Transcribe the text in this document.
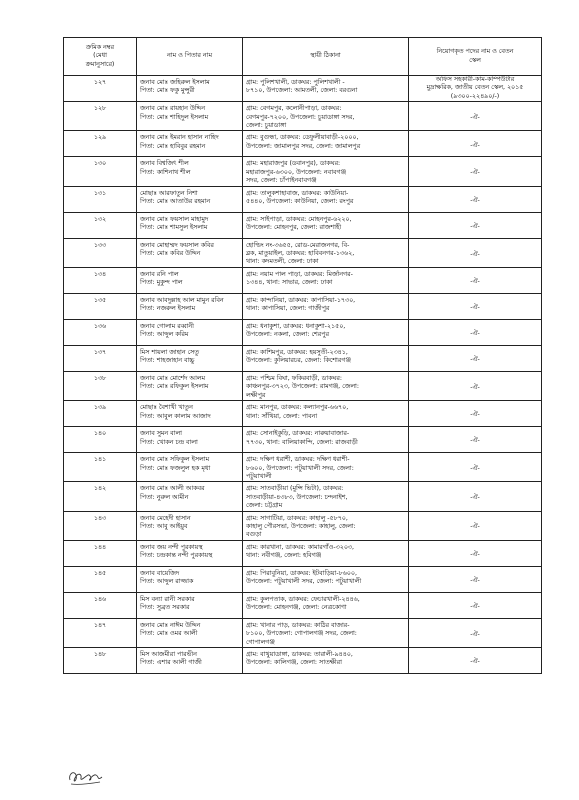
ক্রমিক নম্বর
(মেধা
ক্রমানুসারে)	নাম ও পিতার নাম	স্থায়ী ঠিকানা	নিয়োগকৃত পদের নাম ও বেতন
স্কেল

১২৭	জনাব মোঃ জহিরুল ইসলাম
পিতা: মোঃ ফকু মুন্সুরী	গ্রাম: পুলিশখালী, ডাকঘর: পুলিশখালী -
৮৭১০, উপজেলা: আমতলী, জেলা: বরগুনা	অফিস সহকারী-কাম-কম্পিউটার
মুদ্রাক্ষরিক, জাতীয় বেতন স্কেল, ২০১৫
(৯৩০০-২২৪৯০/-)

১২৮	জনাব মোঃ রায়হান উদ্দিন
পিতা: মোঃ শাহিদুল ইসলাম	গ্রাম: বেগমপুর, কলোনীপাড়া, ডাকঘর:
বেগমপুর-৭২০০, উপজেলা: চুয়াডাঙ্গা সদর,
জেলা: চুয়াডাঙ্গা	-ঐ-

১২৯	জনাব মোঃ ইমরান হাসান নাহিদ
পিতা: মোঃ হাবিবুর রহমান	গ্রাম: বুগুন্ধা, ডাকঘর: ডেফুলীয়াবাড়ী-২০০০,
উপজেলা: জামালপুর সদর, জেলা: জামালপুর	-ঐ-

১৩০	জনাব বিশ্বজিৎ শীল
পিতা: কাশিনাথ শীল	গ্রাম: মহারাজপুর (ডবানপুর), ডাকঘর:
মহারাজপুর-৬৩০০, উপজেলা: নবাবগঞ্জ
সদর, জেলা: চাঁপাইনবাবগঞ্জ	-ঐ-

১৩১	মোছাঃ আরফাতুন নিশা
পিতা: মোঃ আতাউর রহমান	গ্রাম: তালুকশাহাবাজ, ডাকঘর: কাউনিয়া-
৫৪৪০, উপজেলা: কাউনিয়া, জেলা: রংপুর	-ঐ-

১৩২	জনাব মোঃ ফয়সাল মাহামুদ
পিতা: মোঃ শামসুল ইসলাম	গ্রাম: সাইপাড়া, ডাকঘর: মোহনপুর-৬২২০,
উপজেলা: মোহনপুর, জেলা: রাজশাহী	-ঐ-

১৩৩	জনাব মোহাম্মদ ফয়সাল কবির
পিতা: মোঃ কবির উদ্দিন	হোল্ডিং নং-৩৬৫৫, রোড-মেরাজনগর, বি-
ব্লক, মাতুয়াইল, ডাকঘর: হাবিবনগর-১৩৬২,
থানা: কদমতলী, জেলা: ঢাকা	-ঐ-

১৩৪	জনাব রনি পাল
পিতা: মুকুন্দ পাল	গ্রাম: নয়াম পাল পাড়া, ডাকঘর: মির্জানগর-
১৩৪৪, থানা: সাভার, জেলা: ঢাকা	-ঐ-

১৩৫	জনাব আবদুল্লাহ আল মামুন রবিন
পিতা: নজরুল ইসলাম	গ্রাম: কান্দানিয়া, ডাকঘর: কাপাসিয়া-১৭৩০,
থানা: কাপাসিয়া, জেলা: গাজীপুর	-ঐ-

১৩৬	জনাব গোলাম রব্বানী
পিতা: আব্দুল করিম	গ্রাম: ধনাকুশা, ডাকঘর: ধনাকুশা-২১৫০,
উপজেলা: নকলা, জেলা: শেরপুর	-ঐ-

১৩৭	মিস শায়লা জাহান সেতু
পিতা: শাহজাহান বাচ্চু	গ্রাম: কাশিমপুর, ডাকঘর: হয়সুতী-২৩৪১,
উপজেলা: কুলিয়ারচর, জেলা: কিশোরগঞ্জ	-ঐ-

১৩৮	জনাব মোঃ মোর্শেদ আলম
পিতা: মোঃ রফিকুল ইসলাম	গ্রাম: পশ্চিম বিঘা, ফকিরবাড়ী, ডাকঘর:
কাঞ্চনপুর-৩৭২৩, উপজেলা: রামগঞ্জ, জেলা:
লক্ষীপুর	-ঐ-

১৩৯	মোছাঃ বৈশাখী খাতুন
পিতা: আবুল কালাম আজাদ	গ্রাম: মানপুর, ডাকঘর: কল্যানপুর-৬৬৭০,
থানা: সাঁথিয়া, জেলা: পাবনা	-ঐ-

১৪০	জনাব সুমন বালা
পিতা: খোকন চন্দ্র বালা	গ্রাম: সোনাইকুড়ি, ডাকঘর: নারুয়াবাজার-
৭৭৩০, থানা: বালিয়াকান্দি, জেলা: রাজবাড়ী	-ঐ-

১৪১	জনাব মোঃ সফিকুল ইসলাম
পিতা: মোঃ ফজলুল হক মৃধা	গ্রাম: দক্ষিণ ধরাশী, ডাকঘর: দক্ষিণ ধরাশী-
৮৬০০, উপজেলা: পটুয়াখালী সদর, জেলা:
পটুয়াখালী	-ঐ-

১৪২	জনাব মোঃ আলী আকবর
পিতা: নুরুল আমীন	গ্রাম: সাতবাড়ীয়া (মুন্সি ভিটা), ডাকঘর:
সাতবাড়ীয়া-৪৩৮৩, উপজেলা: চন্দনাইশ,
জেলা: চট্টগ্রাম	-ঐ-

১৪৩	জনাব মেহেদী হাসান
পিতা: আবু আইয়ুব	গ্রাম: সাগাটিয়া, ডাকঘর: কাহালু -৫৮৭০,
কাহালু পৌরসভা, উপজেলা: কাহালু, জেলা:
বগুড়া	-ঐ-

১৪৪	জনাব জয় নন্দী পুরকায়স্থ
পিতা: চন্দ্রকান্ত নন্দী পুরকায়স্থ	গ্রাম: কারখানা, ডাকঘর: কামারগাঁও-৩২০৩,
থানা: নবীগঞ্জ, জেলা: হবিগঞ্জ	-ঐ-

১৪৫	জনাব বায়েজিদ
পিতা: আব্দুল রাজ্জাক	গ্রাম: পিরাবুনিয়া, ডাকঘর: ইটবাড়িয়া-৮৬০০,
উপজেলা: পটুয়াখালী সদর, জেলা: পটুয়াখালী	-ঐ-

১৪৬	মিস বন্যা রানী সরকার
পিতা: সুব্রত সরকার	গ্রাম: কুলপতাক, ডাকঘর: ফেচারখালী-২৪৪৬,
উপজেলা: মোহনগঞ্জ, জেলা: নেত্রকোণা	-ঐ-

১৪৭	জনাব মোঃ নাঈম উদ্দিন
পিতা: মোঃ ওমর আলী	গ্রাম: খানার পাড়, ডাকঘর: কাঠির বাজার-
৮১০০, উপজেলা: গোপালগঞ্জ সদর, জেলা:
গোপালগঞ্জ	-ঐ-

১৪৮	মিস আজমীরা পারভীন
পিতা: এশার আলী গাজী	গ্রাম: বাথুয়াডাঙ্গা, ডাকঘর: তারালী-৯৪৪০,
উপজেলা: কালিগঞ্জ, জেলা: সাতক্ষীরা	-ঐ-
